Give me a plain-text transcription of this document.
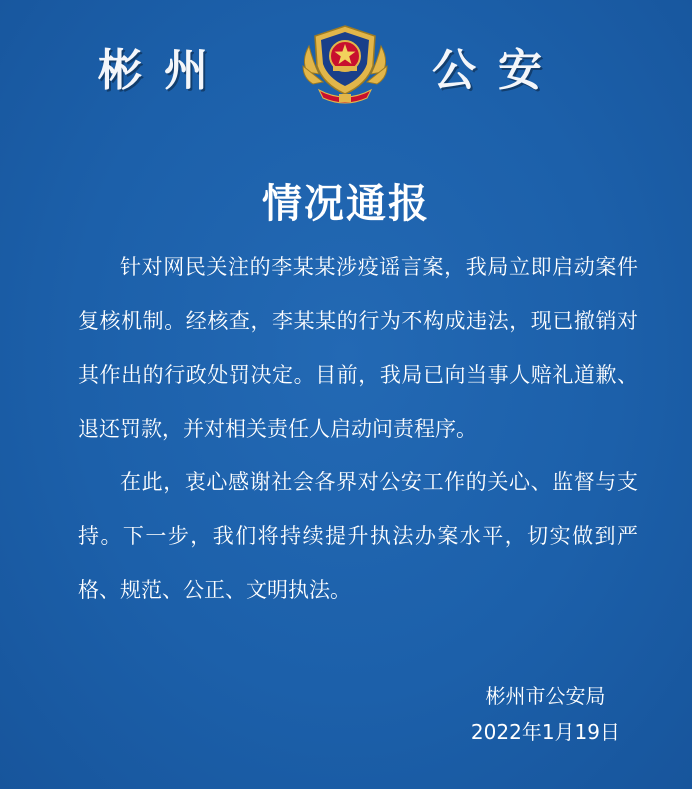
彬州	公安
情况通报

针对网民关注的李某某涉疫谣言案，我局立即启动案件复核机制。经核查，李某某的行为不构成违法，现已撤销对其作出的行政处罚决定。目前，我局已向当事人赔礼道歉、退还罚款，并对相关责任人启动问责程序。

在此，衷心感谢社会各界对公安工作的关心、监督与支持。下一步，我们将持续提升执法办案水平，切实做到严格、规范、公正、文明执法。

彬州市公安局
2022年1月19日
